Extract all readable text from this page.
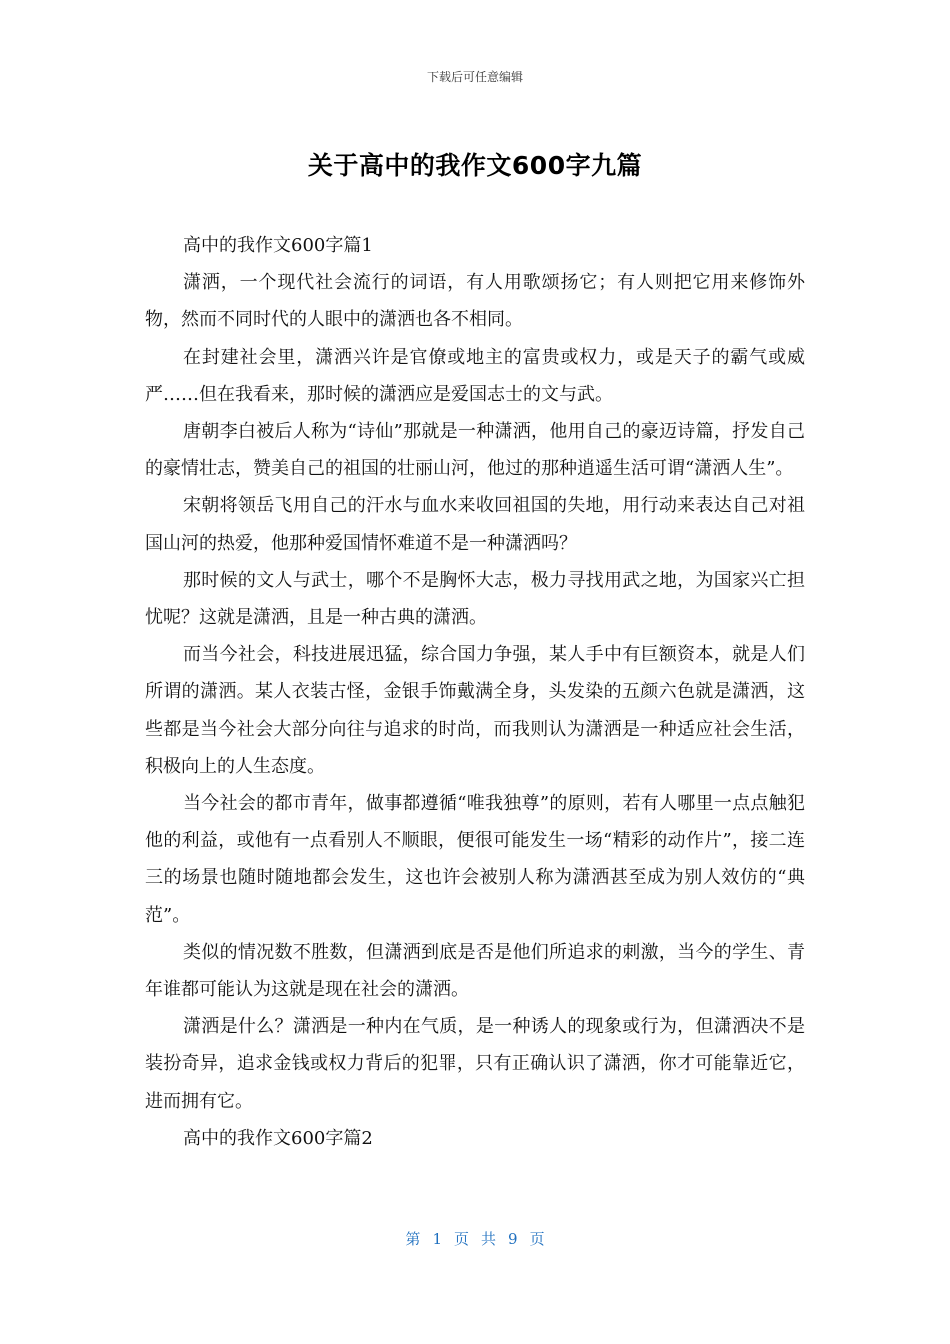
下载后可任意编辑
关于高中的我作文600字九篇

高中的我作文600字篇1

潇洒，一个现代社会流行的词语，有人用歌颂扬它；有人则把它用来修饰外物，然而不同时代的人眼中的潇洒也各不相同。

在封建社会里，潇洒兴许是官僚或地主的富贵或权力，或是天子的霸气或威严……但在我看来，那时候的潇洒应是爱国志士的文与武。

唐朝李白被后人称为“诗仙”那就是一种潇洒，他用自己的豪迈诗篇，抒发自己的豪情壮志，赞美自己的祖国的壮丽山河，他过的那种逍遥生活可谓“潇洒人生”。

宋朝将领岳飞用自己的汗水与血水来收回祖国的失地，用行动来表达自己对祖国山河的热爱，他那种爱国情怀难道不是一种潇洒吗？

那时候的文人与武士，哪个不是胸怀大志，极力寻找用武之地，为国家兴亡担忧呢？这就是潇洒，且是一种古典的潇洒。

而当今社会，科技进展迅猛，综合国力争强，某人手中有巨额资本，就是人们所谓的潇洒。某人衣装古怪，金银手饰戴满全身，头发染的五颜六色就是潇洒，这些都是当今社会大部分向往与追求的时尚，而我则认为潇洒是一种适应社会生活，积极向上的人生态度。

当今社会的都市青年，做事都遵循“唯我独尊”的原则，若有人哪里一点点触犯他的利益，或他有一点看别人不顺眼，便很可能发生一场“精彩的动作片”，接二连三的场景也随时随地都会发生，这也许会被别人称为潇洒甚至成为别人效仿的“典范”。

类似的情况数不胜数，但潇洒到底是否是他们所追求的刺激，当今的学生、青年谁都可能认为这就是现在社会的潇洒。

潇洒是什么？潇洒是一种内在气质，是一种诱人的现象或行为，但潇洒决不是装扮奇异，追求金钱或权力背后的犯罪，只有正确认识了潇洒，你才可能靠近它，进而拥有它。

高中的我作文600字篇2

第 1 页 共 9 页
